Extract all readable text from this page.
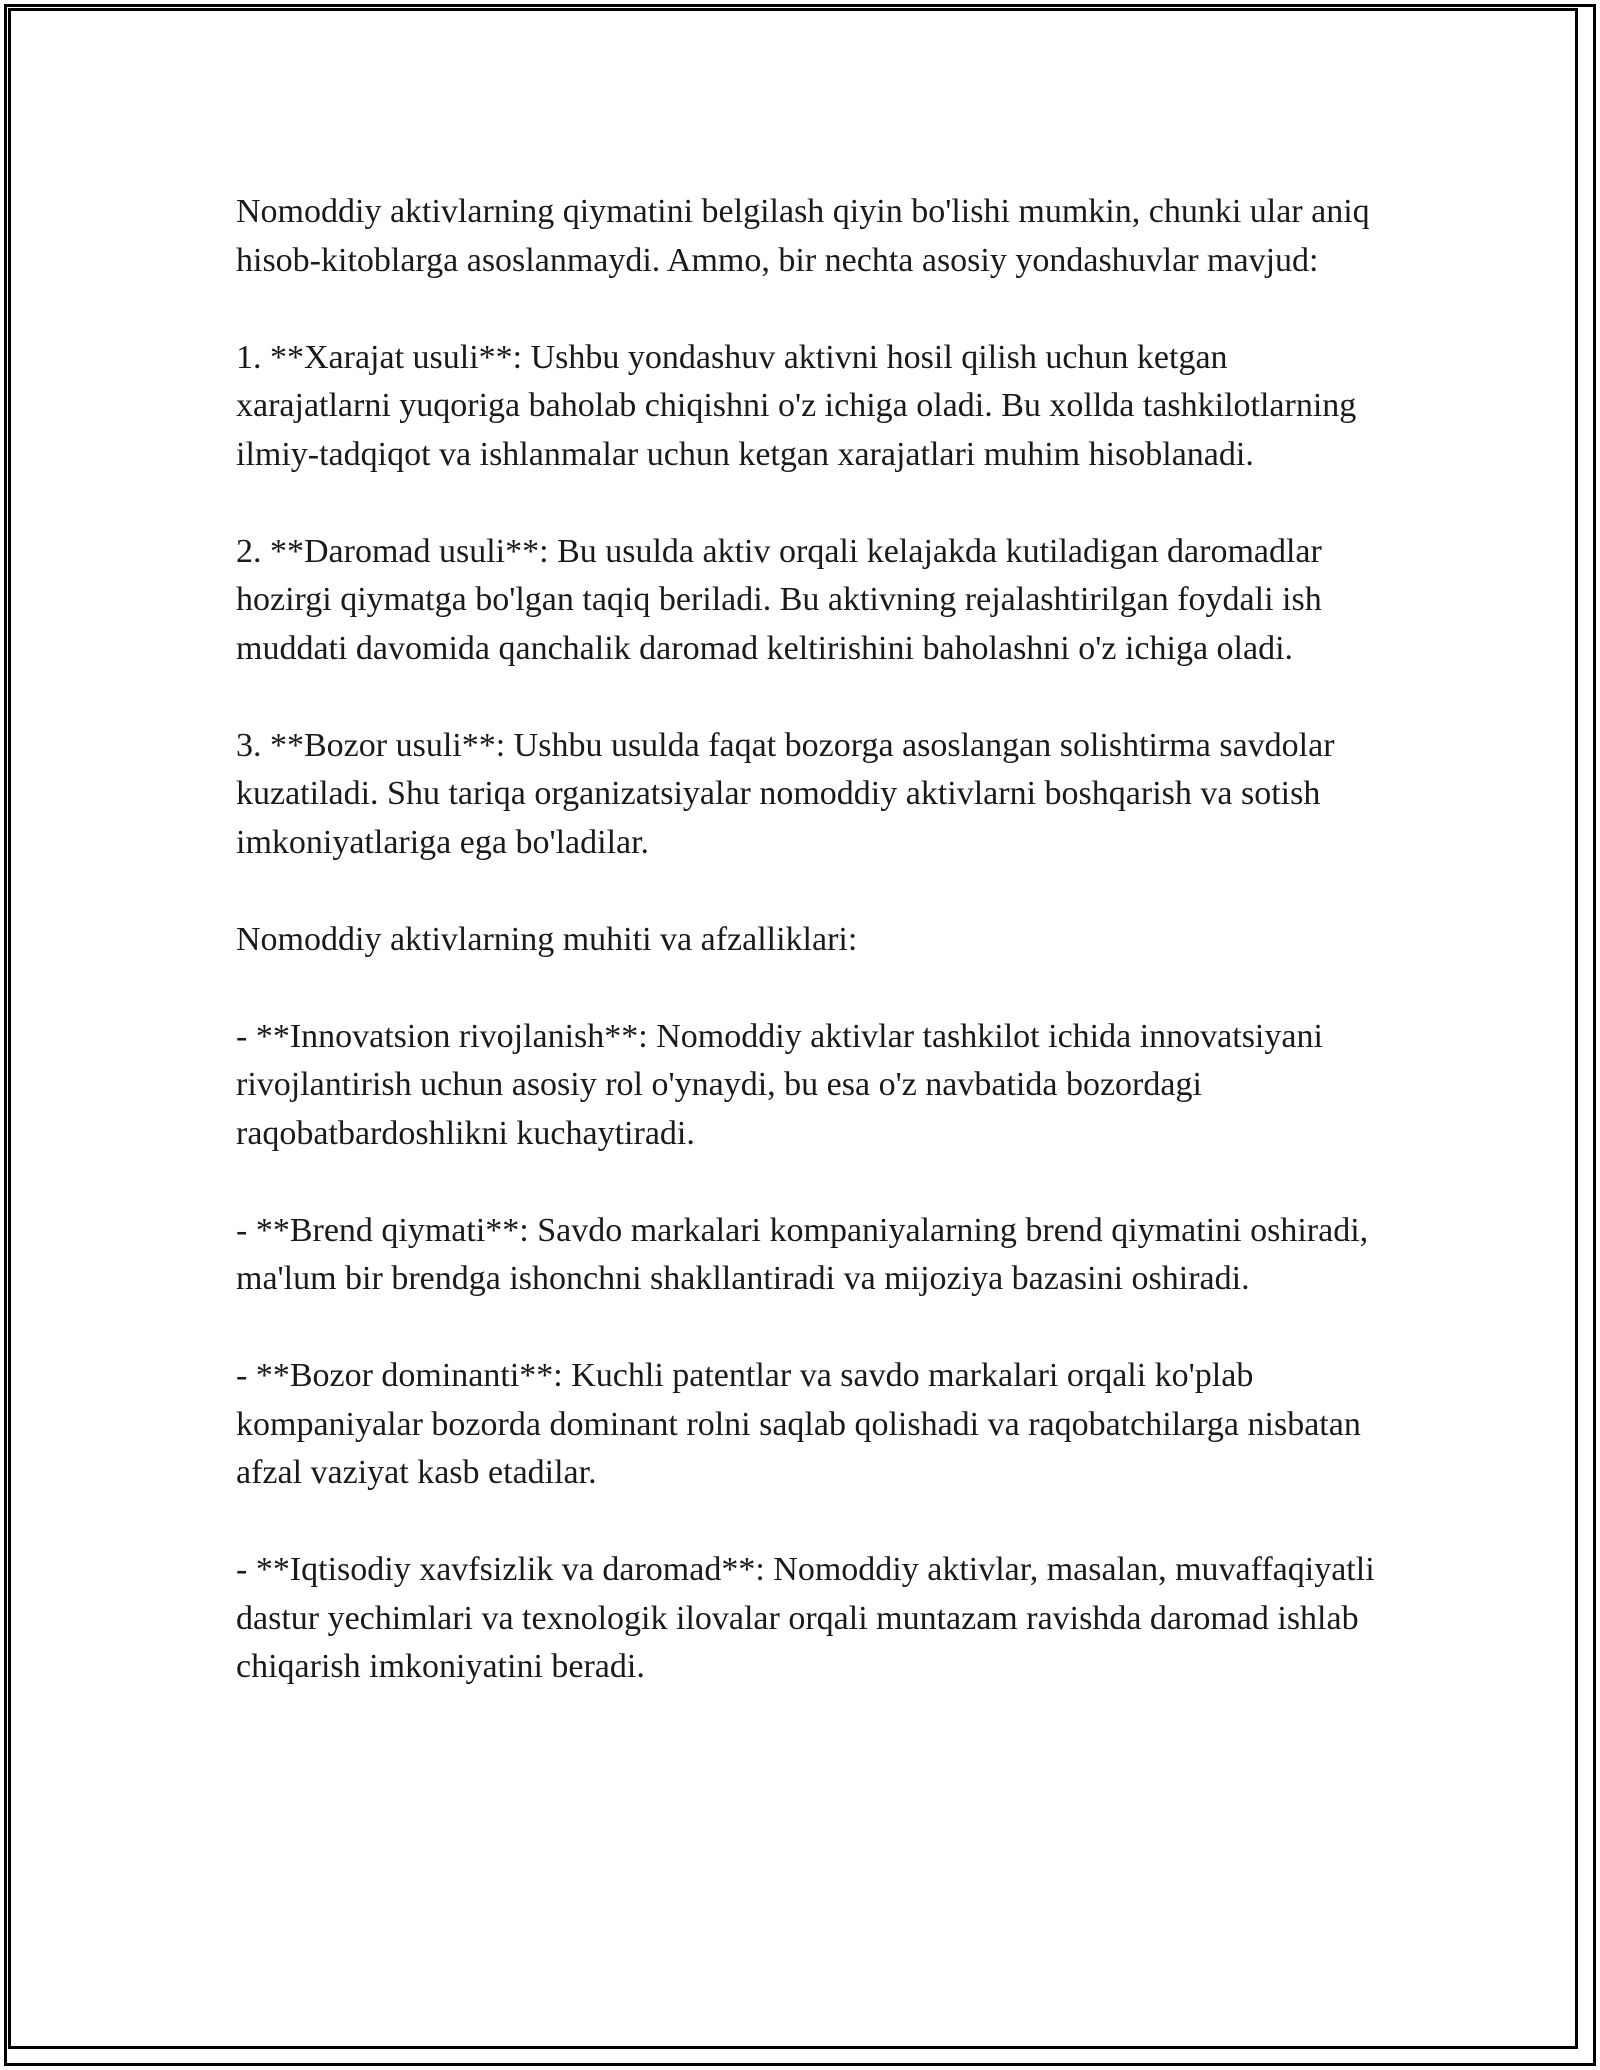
Nomoddiy aktivlarning qiymatini belgilash qiyin bo'lishi mumkin, chunki ular aniq hisob-kitoblarga asoslanmaydi. Ammo, bir nechta asosiy yondashuvlar mavjud:

1. **Xarajat usuli**: Ushbu yondashuv aktivni hosil qilish uchun ketgan xarajatlarni yuqoriga baholab chiqishni o'z ichiga oladi. Bu xollda tashkilotlarning ilmiy-tadqiqot va ishlanmalar uchun ketgan xarajatlari muhim hisoblanadi.

2. **Daromad usuli**: Bu usulda aktiv orqali kelajakda kutiladigan daromadlar hozirgi qiymatga bo'lgan taqiq beriladi. Bu aktivning rejalashtirilgan foydali ish muddati davomida qanchalik daromad keltirishini baholashni o'z ichiga oladi.

3. **Bozor usuli**: Ushbu usulda faqat bozorga asoslangan solishtirma savdolar kuzatiladi. Shu tariqa organizatsiyalar nomoddiy aktivlarni boshqarish va sotish imkoniyatlariga ega bo'ladilar.

Nomoddiy aktivlarning muhiti va afzalliklari:

- **Innovatsion rivojlanish**: Nomoddiy aktivlar tashkilot ichida innovatsiyani rivojlantirish uchun asosiy rol o'ynaydi, bu esa o'z navbatida bozordagi raqobatbardoshlikni kuchaytiradi.

- **Brend qiymati**: Savdo markalari kompaniyalarning brend qiymatini oshiradi, ma'lum bir brendga ishonchni shakllantiradi va mijoziya bazasini oshiradi.

- **Bozor dominanti**: Kuchli patentlar va savdo markalari orqali ko'plab kompaniyalar bozorda dominant rolni saqlab qolishadi va raqobatchilarga nisbatan afzal vaziyat kasb etadilar.

- **Iqtisodiy xavfsizlik va daromad**: Nomoddiy aktivlar, masalan, muvaffaqiyatli dastur yechimlari va texnologik ilovalar orqali muntazam ravishda daromad ishlab chiqarish imkoniyatini beradi.
